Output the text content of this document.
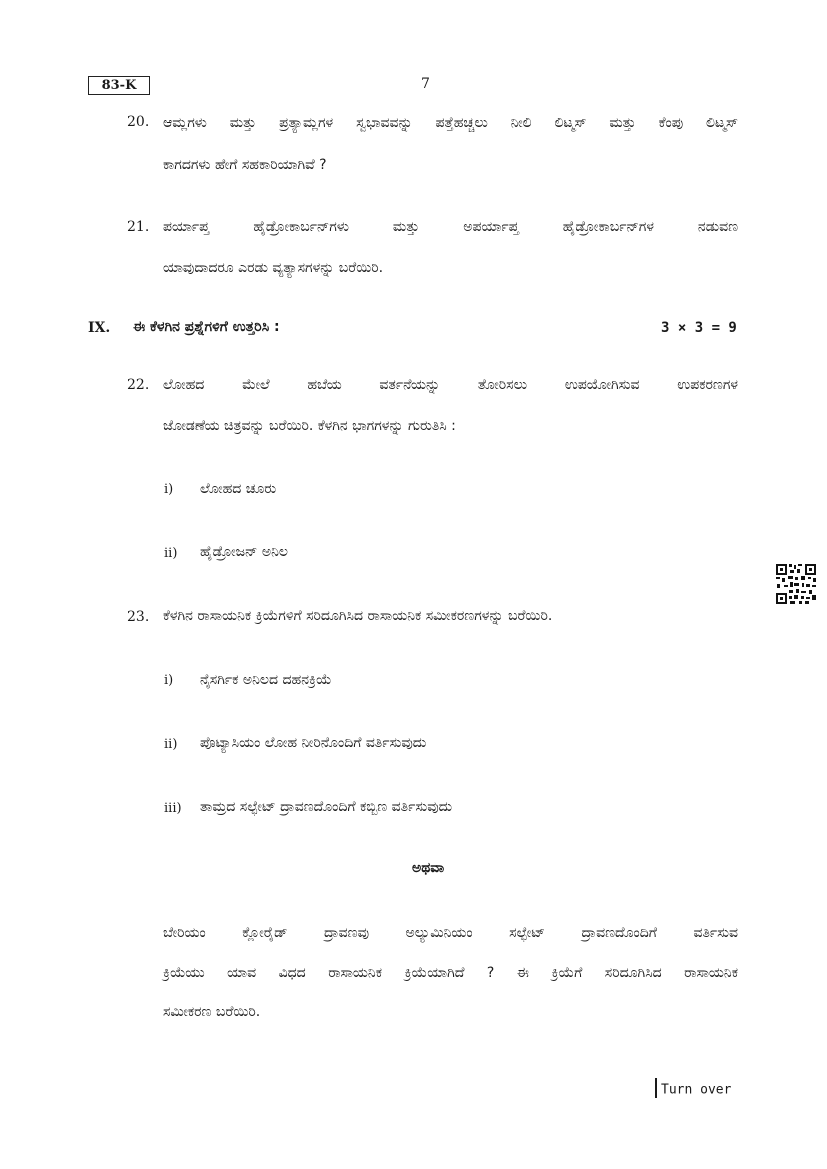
83-K	7
20. ಆಮ್ಲಗಳು ಮತ್ತು ಪ್ರತ್ಯಾಮ್ಲಗಳ ಸ್ವಭಾವವನ್ನು ಪತ್ತೆಹಚ್ಚಲು ನೀಲಿ ಲಿಟ್ಮಸ್ ಮತ್ತು ಕೆಂಪು ಲಿಟ್ಮಸ್
ಕಾಗದಗಳು ಹೇಗೆ ಸಹಕಾರಿಯಾಗಿವೆ ?
21. ಪರ್ಯಾಪ್ತ ಹೈಡ್ರೋಕಾರ್ಬನ್‌ಗಳು ಮತ್ತು ಅಪರ್ಯಾಪ್ತ ಹೈಡ್ರೋಕಾರ್ಬನ್‌ಗಳ ನಡುವಣ
ಯಾವುದಾದರೂ ಎರಡು ವ್ಯತ್ಯಾಸಗಳನ್ನು ಬರೆಯಿರಿ.
IX. ಈ ಕೆಳಗಿನ ಪ್ರಶ್ನೆಗಳಿಗೆ ಉತ್ತರಿಸಿ :	3 × 3 = 9
22. ಲೋಹದ ಮೇಲೆ ಹಬೆಯ ವರ್ತನೆಯನ್ನು ತೋರಿಸಲು ಉಪಯೋಗಿಸುವ ಉಪಕರಣಗಳ
ಜೋಡಣೆಯ ಚಿತ್ರವನ್ನು ಬರೆಯಿರಿ. ಕೆಳಗಿನ ಭಾಗಗಳನ್ನು ಗುರುತಿಸಿ :
i) ಲೋಹದ ಚೂರು
ii) ಹೈಡ್ರೋಜನ್ ಅನಿಲ
23. ಕೆಳಗಿನ ರಾಸಾಯನಿಕ ಕ್ರಿಯೆಗಳಿಗೆ ಸರಿದೂಗಿಸಿದ ರಾಸಾಯನಿಕ ಸಮೀಕರಣಗಳನ್ನು ಬರೆಯಿರಿ.
i) ನೈಸರ್ಗಿಕ ಅನಿಲದ ದಹನಕ್ರಿಯೆ
ii) ಪೊಟ್ಯಾಸಿಯಂ ಲೋಹ ನೀರಿನೊಂದಿಗೆ ವರ್ತಿಸುವುದು
iii) ತಾಮ್ರದ ಸಲ್ಫೇಟ್ ದ್ರಾವಣದೊಂದಿಗೆ ಕಬ್ಬಿಣ ವರ್ತಿಸುವುದು
ಅಥವಾ
ಬೇರಿಯಂ ಕ್ಲೋರೈಡ್ ದ್ರಾವಣವು ಅಲ್ಯುಮಿನಿಯಂ ಸಲ್ಫೇಟ್ ದ್ರಾವಣದೊಂದಿಗೆ ವರ್ತಿಸುವ
ಕ್ರಿಯೆಯು ಯಾವ ವಿಧದ ರಾಸಾಯನಿಕ ಕ್ರಿಯೆಯಾಗಿದೆ ? ಈ ಕ್ರಿಯೆಗೆ ಸರಿದೂಗಿಸಿದ ರಾಸಾಯನಿಕ
ಸಮೀಕರಣ ಬರೆಯಿರಿ.
Turn over
